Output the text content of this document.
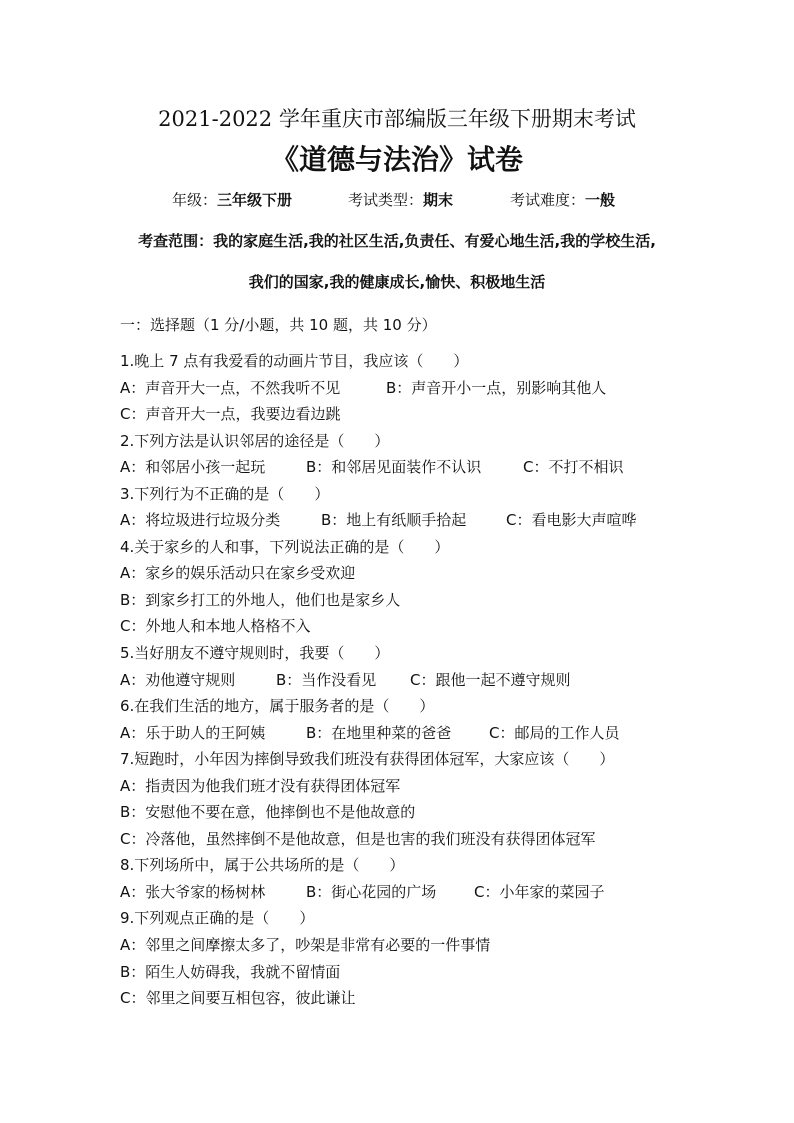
2021-2022 学年重庆市部编版三年级下册期末考试
《道德与法治》试卷
年级：三年级下册	考试类型：期末	考试难度：一般
考查范围：我的家庭生活,我的社区生活,负责任、有爱心地生活,我的学校生活,
我们的国家,我的健康成长,愉快、积极地生活
一：选择题（1 分/小题，共 10 题，共 10 分）
1.晚上 7 点有我爱看的动画片节目，我应该（　　）
A：声音开大一点，不然我听不见	B：声音开小一点，别影响其他人
C：声音开大一点，我要边看边跳
2.下列方法是认识邻居的途径是（　　）
A：和邻居小孩一起玩	B：和邻居见面装作不认识	C：不打不相识
3.下列行为不正确的是（　　）
A：将垃圾进行垃圾分类	B：地上有纸顺手拾起	C：看电影大声喧哗
4.关于家乡的人和事，下列说法正确的是（　　）
A：家乡的娱乐活动只在家乡受欢迎
B：到家乡打工的外地人，他们也是家乡人
C：外地人和本地人格格不入
5.当好朋友不遵守规则时，我要（　　）
A：劝他遵守规则	B：当作没看见 C：跟他一起不遵守规则
6.在我们生活的地方，属于服务者的是（　　）
A：乐于助人的王阿姨	B：在地里种菜的爸爸	C：邮局的工作人员
7.短跑时，小年因为摔倒导致我们班没有获得团体冠军，大家应该（　　）
A：指责因为他我们班才没有获得团体冠军
B：安慰他不要在意，他摔倒也不是他故意的
C：冷落他，虽然摔倒不是他故意，但是也害的我们班没有获得团体冠军
8.下列场所中，属于公共场所的是（　　）
A：张大爷家的杨树林	B：街心花园的广场	C：小年家的菜园子
9.下列观点正确的是（　　）
A：邻里之间摩擦太多了，吵架是非常有必要的一件事情
B：陌生人妨碍我，我就不留情面
C：邻里之间要互相包容，彼此谦让
